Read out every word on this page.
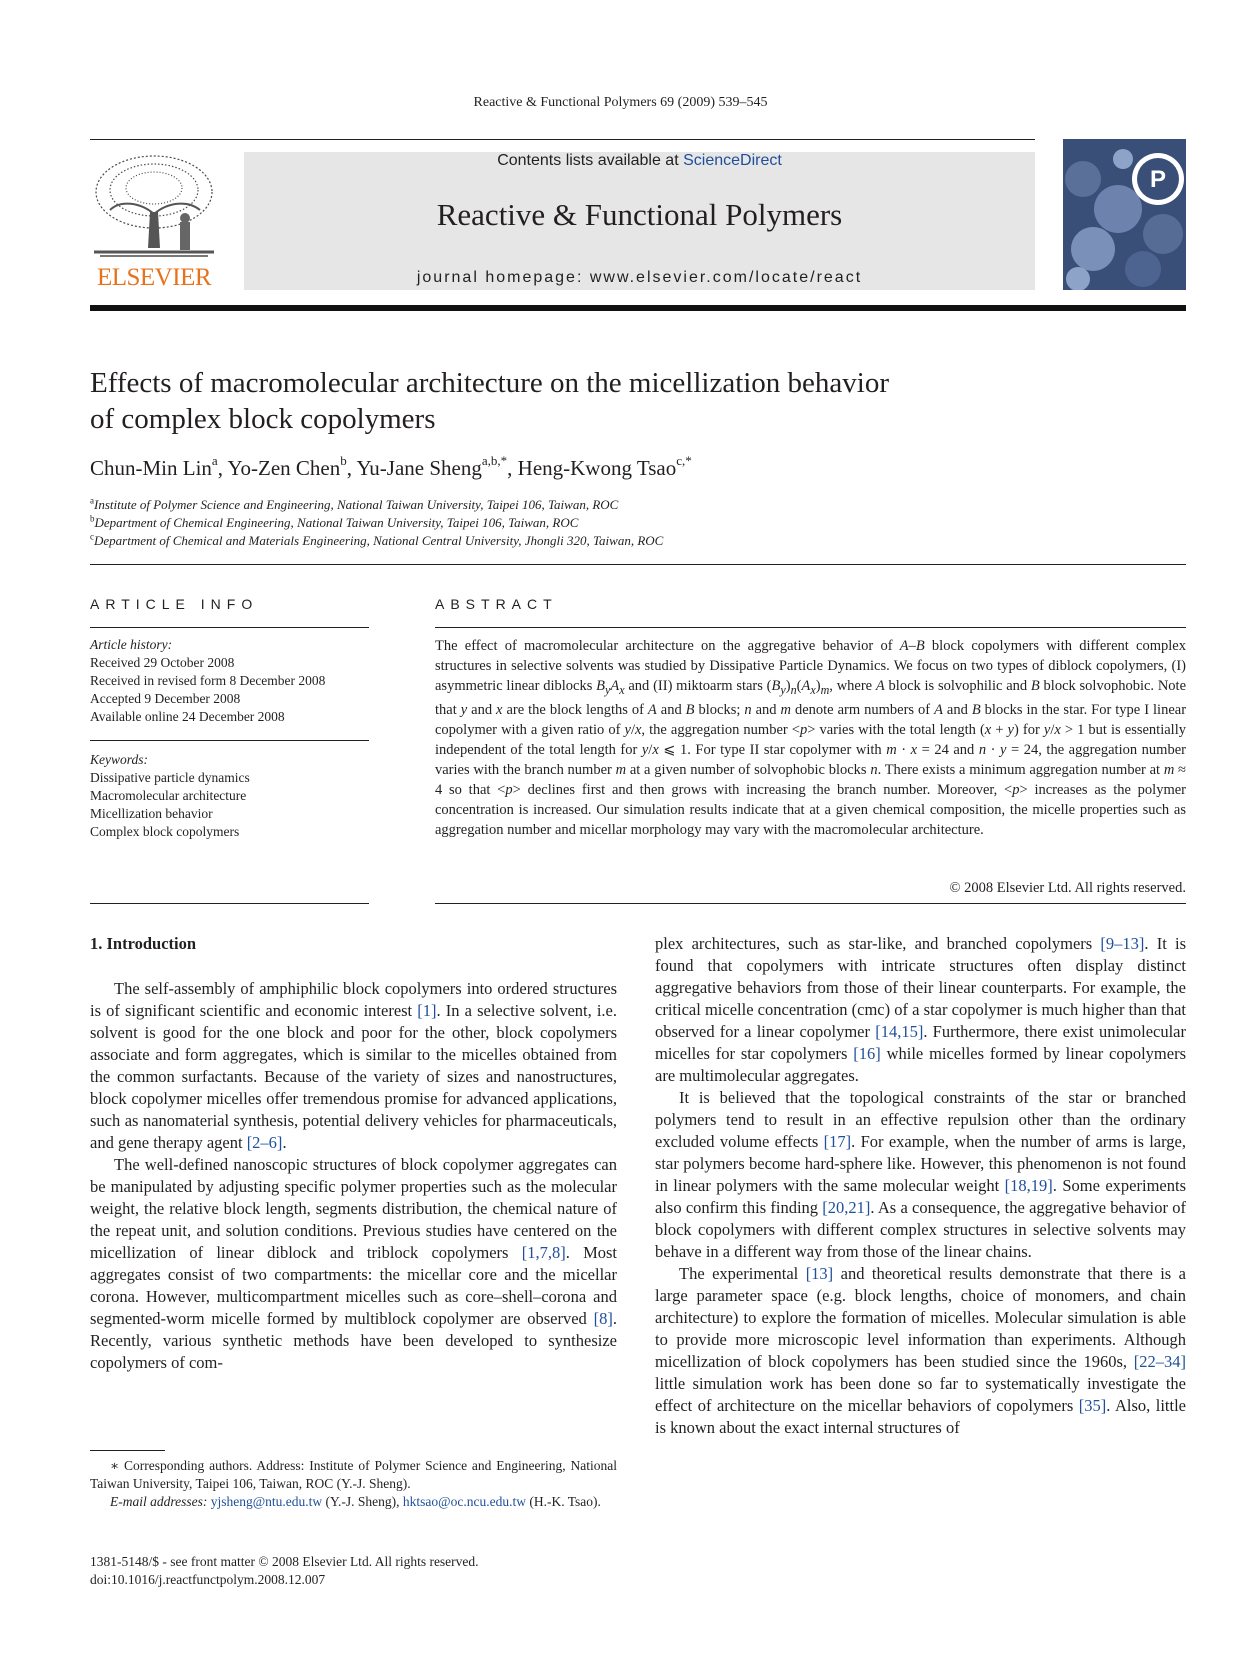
Reactive & Functional Polymers 69 (2009) 539–545
ELSEVIER
Contents lists available at ScienceDirect
Reactive & Functional Polymers
journal homepage: www.elsevier.com/locate/react
P
Effects of macromolecular architecture on the micellization behavior
of complex block copolymers
Chun-Min Lin$^a$, Yo-Zen Chen$^b$, Yu-Jane Sheng$^{a,b,*}$, Heng-Kwong Tsao$^{c,*}$
$^a$Institute of Polymer Science and Engineering, National Taiwan University, Taipei 106, Taiwan, ROC
$^b$Department of Chemical Engineering, National Taiwan University, Taipei 106, Taiwan, ROC
$^c$Department of Chemical and Materials Engineering, National Central University, Jhongli 320, Taiwan, ROC
ARTICLE INFO
Article history:
Received 29 October 2008
Received in revised form 8 December 2008
Accepted 9 December 2008
Available online 24 December 2008
Keywords:
Dissipative particle dynamics
Macromolecular architecture
Micellization behavior
Complex block copolymers
ABSTRACT
The effect of macromolecular architecture on the aggregative behavior of A–B block copolymers with different complex structures in selective solvents was studied by Dissipative Particle Dynamics. We focus on two types of diblock copolymers, (I) asymmetric linear diblocks $B_yA_x$ and (II) miktoarm stars $(B_y)_n(A_x)_m$, where A block is solvophilic and B block solvophobic. Note that y and x are the block lengths of A and B blocks; n and m denote arm numbers of A and B blocks in the star. For type I linear copolymer with a given ratio of y/x, the aggregation number <p> varies with the total length (x + y) for y/x > 1 but is essentially independent of the total length for y/x ⩽ 1. For type II star copolymer with m · x = 24 and n · y = 24, the aggregation number varies with the branch number m at a given number of solvophobic blocks n. There exists a minimum aggregation number at m ≈ 4 so that <p> declines first and then grows with increasing the branch number. Moreover, <p> increases as the polymer concentration is increased. Our simulation results indicate that at a given chemical composition, the micelle properties such as aggregation number and micellar morphology may vary with the macromolecular architecture.
© 2008 Elsevier Ltd. All rights reserved.
1. Introduction

The self-assembly of amphiphilic block copolymers into ordered structures is of significant scientific and economic interest [1]. In a selective solvent, i.e. solvent is good for the one block and poor for the other, block copolymers associate and form aggregates, which is similar to the micelles obtained from the common surfactants. Because of the variety of sizes and nanostructures, block copolymer micelles offer tremendous promise for advanced applications, such as nanomaterial synthesis, potential delivery vehicles for pharmaceuticals, and gene therapy agent [2–6].

The well-defined nanoscopic structures of block copolymer aggregates can be manipulated by adjusting specific polymer properties such as the molecular weight, the relative block length, segments distribution, the chemical nature of the repeat unit, and solution conditions. Previous studies have centered on the micellization of linear diblock and triblock copolymers [1,7,8]. Most aggregates consist of two compartments: the micellar core and the micellar corona. However, multicompartment micelles such as core–shell–corona and segmented-worm micelle formed by multiblock copolymer are observed [8]. Recently, various synthetic methods have been developed to synthesize copolymers of com-

plex architectures, such as star-like, and branched copolymers [9–13]. It is found that copolymers with intricate structures often display distinct aggregative behaviors from those of their linear counterparts. For example, the critical micelle concentration (cmc) of a star copolymer is much higher than that observed for a linear copolymer [14,15]. Furthermore, there exist unimolecular micelles for star copolymers [16] while micelles formed by linear copolymers are multimolecular aggregates.

It is believed that the topological constraints of the star or branched polymers tend to result in an effective repulsion other than the ordinary excluded volume effects [17]. For example, when the number of arms is large, star polymers become hard-sphere like. However, this phenomenon is not found in linear polymers with the same molecular weight [18,19]. Some experiments also confirm this finding [20,21]. As a consequence, the aggregative behavior of block copolymers with different complex structures in selective solvents may behave in a different way from those of the linear chains.

The experimental [13] and theoretical results demonstrate that there is a large parameter space (e.g. block lengths, choice of monomers, and chain architecture) to explore the formation of micelles. Molecular simulation is able to provide more microscopic level information than experiments. Although micellization of block copolymers has been studied since the 1960s, [22–34] little simulation work has been done so far to systematically investigate the effect of architecture on the micellar behaviors of copolymers [35]. Also, little is known about the exact internal structures of

∗ Corresponding authors. Address: Institute of Polymer Science and Engineering, National Taiwan University, Taipei 106, Taiwan, ROC (Y.-J. Sheng).
E-mail addresses: yjsheng@ntu.edu.tw (Y.-J. Sheng), hktsao@oc.ncu.edu.tw (H.-K. Tsao).
1381-5148/$ - see front matter © 2008 Elsevier Ltd. All rights reserved.
doi:10.1016/j.reactfunctpolym.2008.12.007
